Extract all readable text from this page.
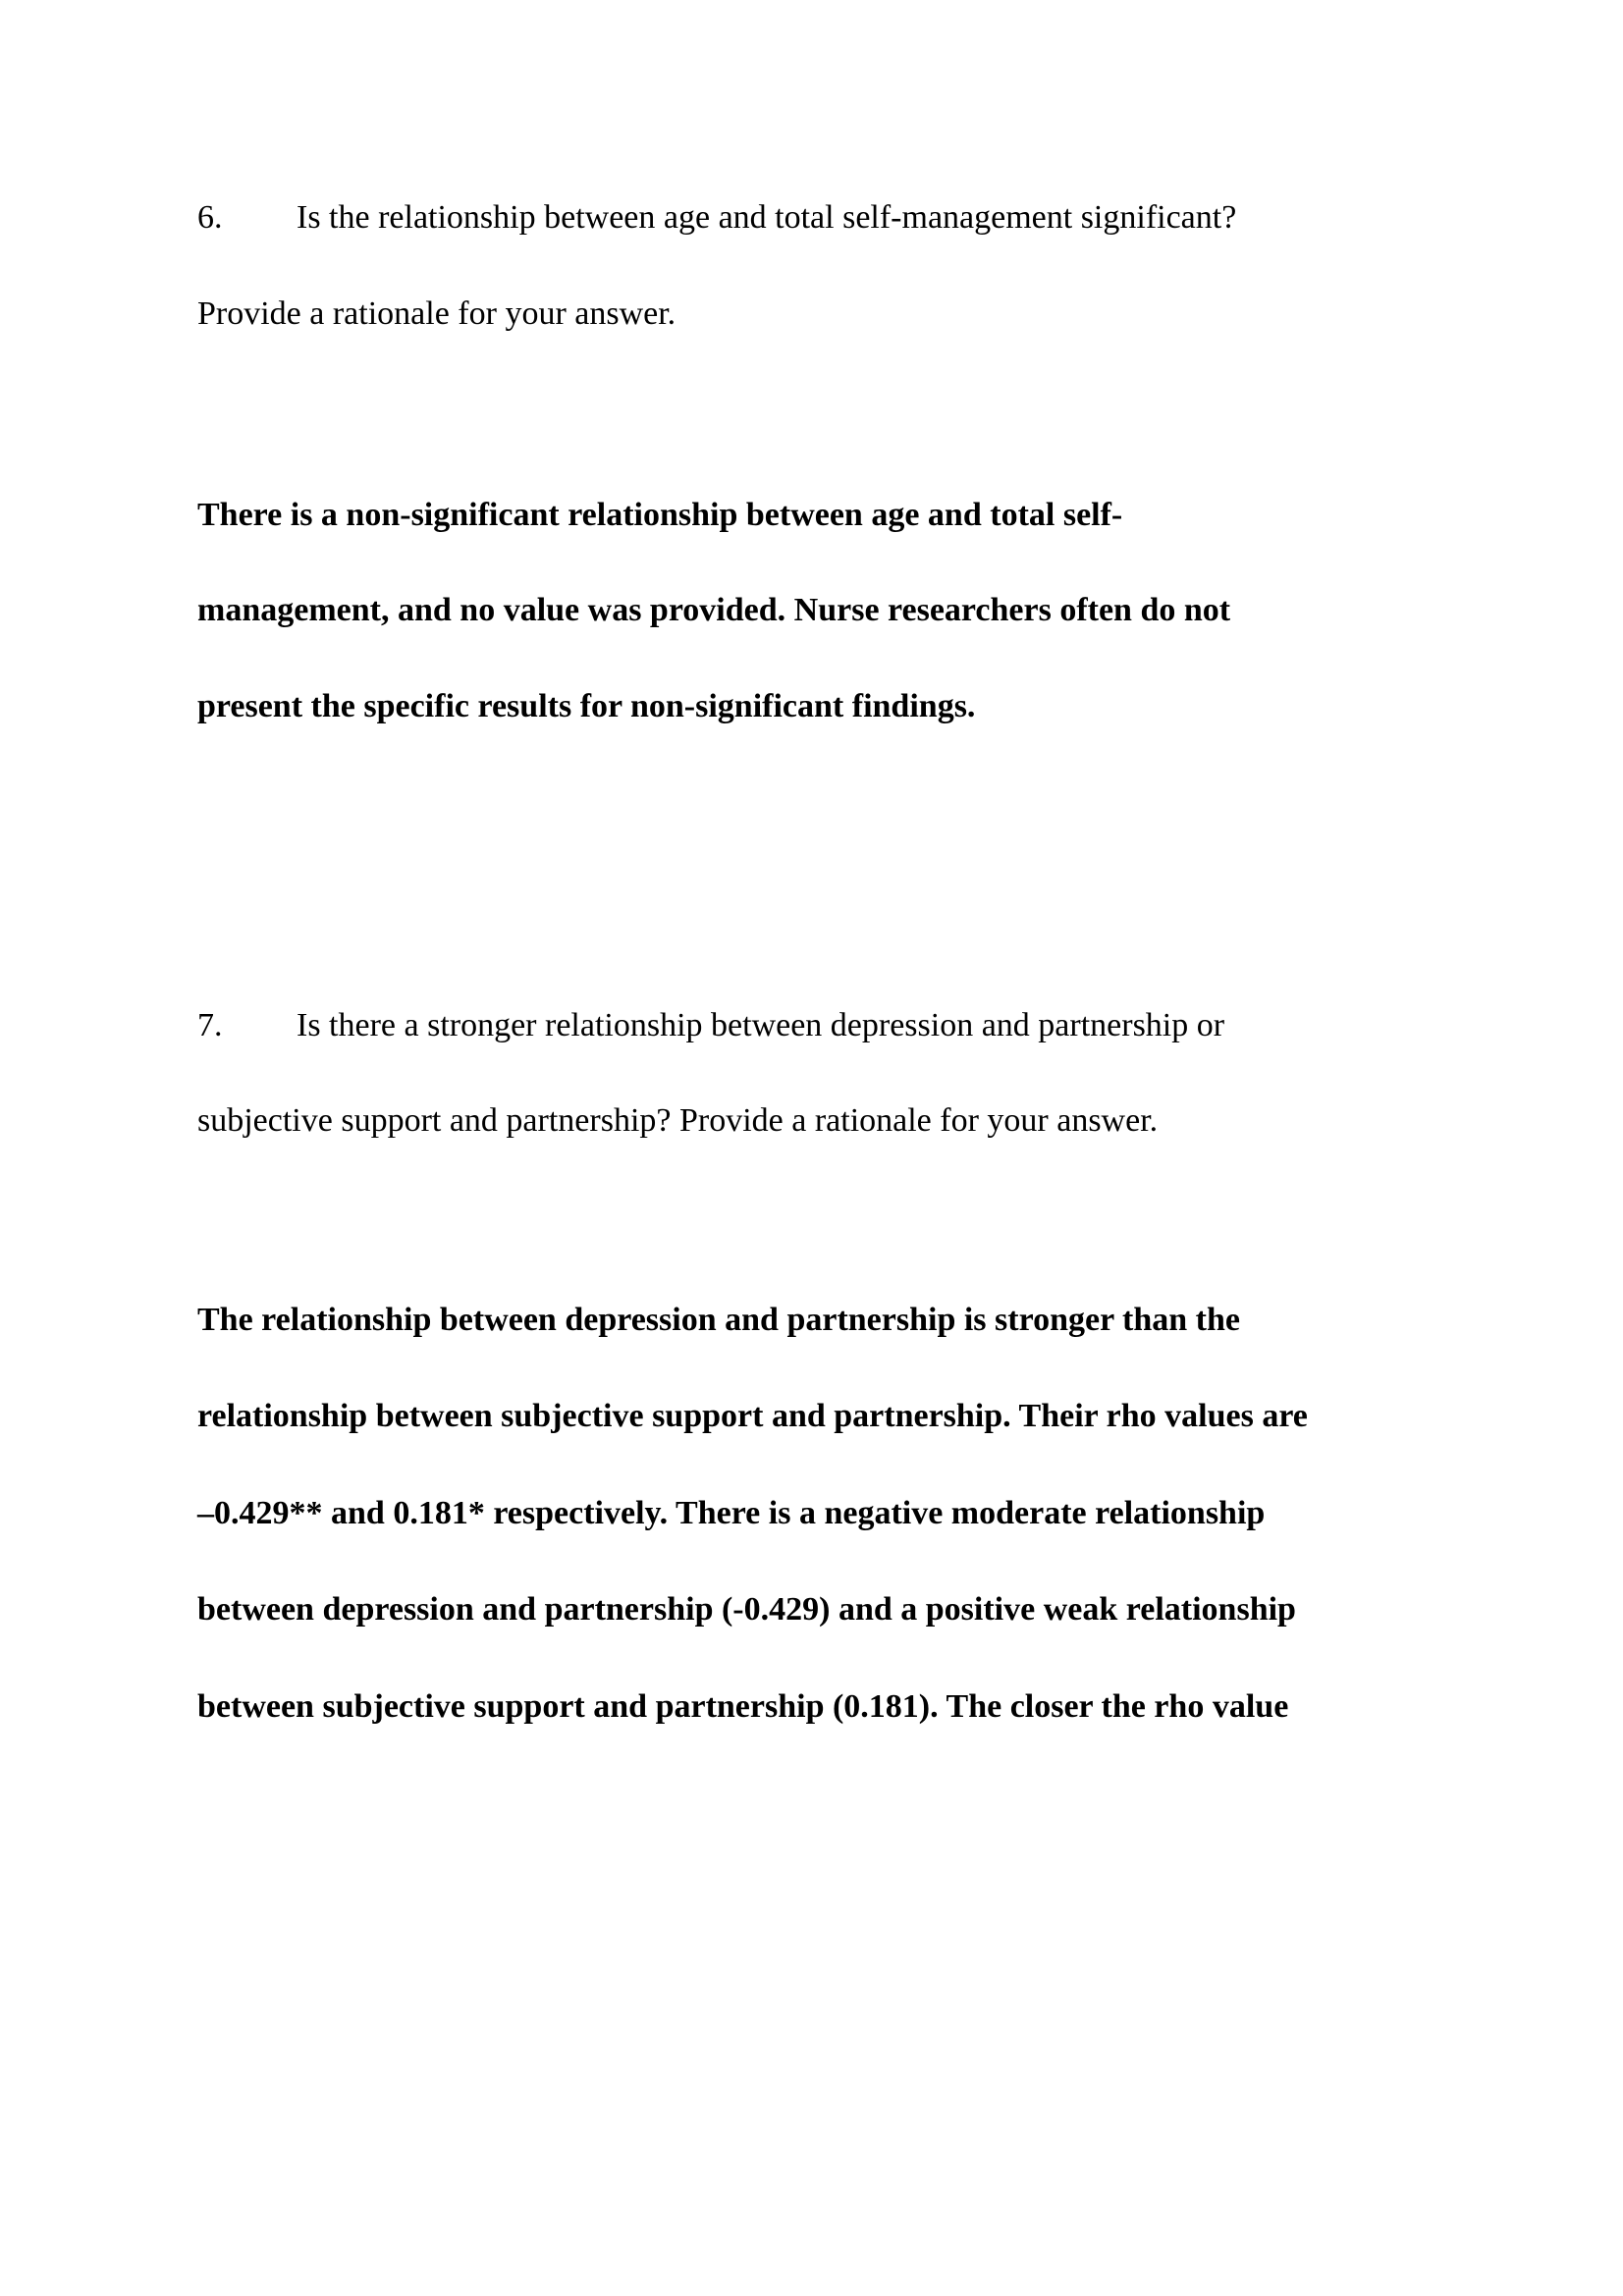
6. Is the relationship between age and total self-management significant?
Provide a rationale for your answer.
There is a non-significant relationship between age and total self-
management, and no value was provided. Nurse researchers often do not
present the specific results for non-significant findings.
7. Is there a stronger relationship between depression and partnership or
subjective support and partnership? Provide a rationale for your answer.
The relationship between depression and partnership is stronger than the
relationship between subjective support and partnership. Their rho values are
–0.429** and 0.181* respectively. There is a negative moderate relationship
between depression and partnership (-0.429) and a positive weak relationship
between subjective support and partnership (0.181). The closer the rho value
